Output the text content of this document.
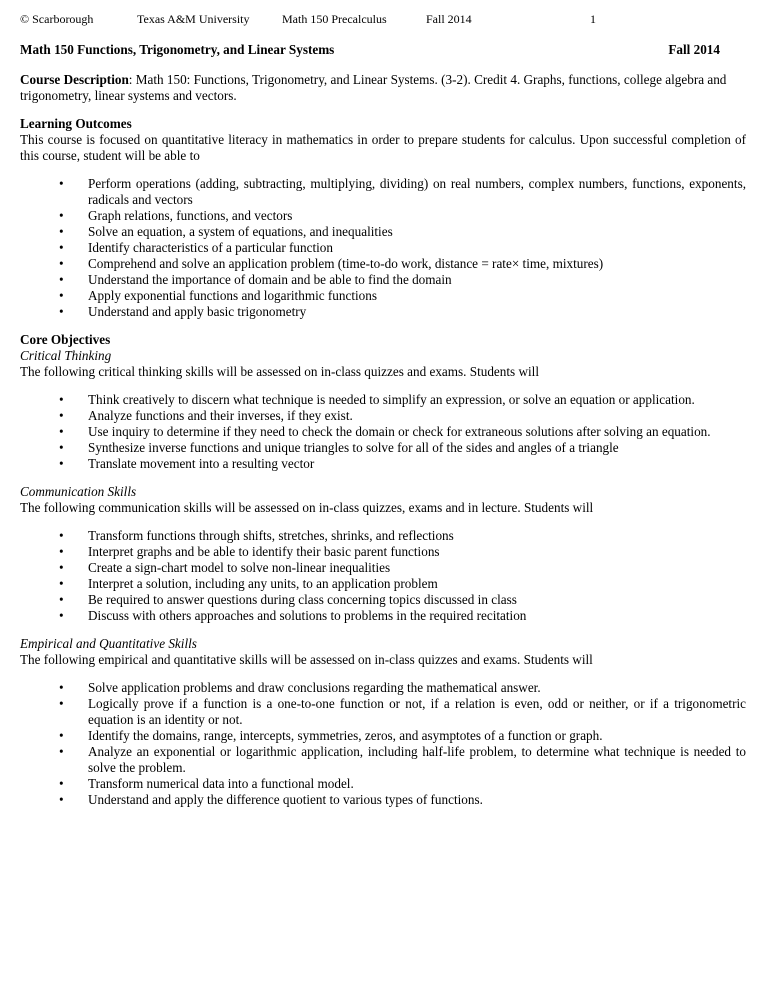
© Scarborough	Texas A&M University	Math 150 Precalculus	Fall 2014	1
Math 150 Functions, Trigonometry, and Linear Systems	Fall 2014

Course Description: Math 150: Functions, Trigonometry, and Linear Systems. (3-2). Credit 4. Graphs, functions, college algebra and trigonometry, linear systems and vectors.

Learning Outcomes

This course is focused on quantitative literacy in mathematics in order to prepare students for calculus. Upon successful completion of this course, student will be able to

• Perform operations (adding, subtracting, multiplying, dividing) on real numbers, complex numbers, functions, exponents, radicals and vectors
• Graph relations, functions, and vectors
• Solve an equation, a system of equations, and inequalities
• Identify characteristics of a particular function
• Comprehend and solve an application problem (time-to-do work, distance = rate× time, mixtures)
• Understand the importance of domain and be able to find the domain
• Apply exponential functions and logarithmic functions
• Understand and apply basic trigonometry

Core Objectives

Critical Thinking

The following critical thinking skills will be assessed on in-class quizzes and exams. Students will

• Think creatively to discern what technique is needed to simplify an expression, or solve an equation or application.
• Analyze functions and their inverses, if they exist.
• Use inquiry to determine if they need to check the domain or check for extraneous solutions after solving an equation.
• Synthesize inverse functions and unique triangles to solve for all of the sides and angles of a triangle
• Translate movement into a resulting vector

Communication Skills

The following communication skills will be assessed on in-class quizzes, exams and in lecture. Students will

• Transform functions through shifts, stretches, shrinks, and reflections
• Interpret graphs and be able to identify their basic parent functions
• Create a sign-chart model to solve non-linear inequalities
• Interpret a solution, including any units, to an application problem
• Be required to answer questions during class concerning topics discussed in class
• Discuss with others approaches and solutions to problems in the required recitation

Empirical and Quantitative Skills

The following empirical and quantitative skills will be assessed on in-class quizzes and exams. Students will

• Solve application problems and draw conclusions regarding the mathematical answer.
• Logically prove if a function is a one-to-one function or not, if a relation is even, odd or neither, or if a trigonometric equation is an identity or not.
• Identify the domains, range, intercepts, symmetries, zeros, and asymptotes of a function or graph.
• Analyze an exponential or logarithmic application, including half-life problem, to determine what technique is needed to solve the problem.
• Transform numerical data into a functional model.
• Understand and apply the difference quotient to various types of functions.
